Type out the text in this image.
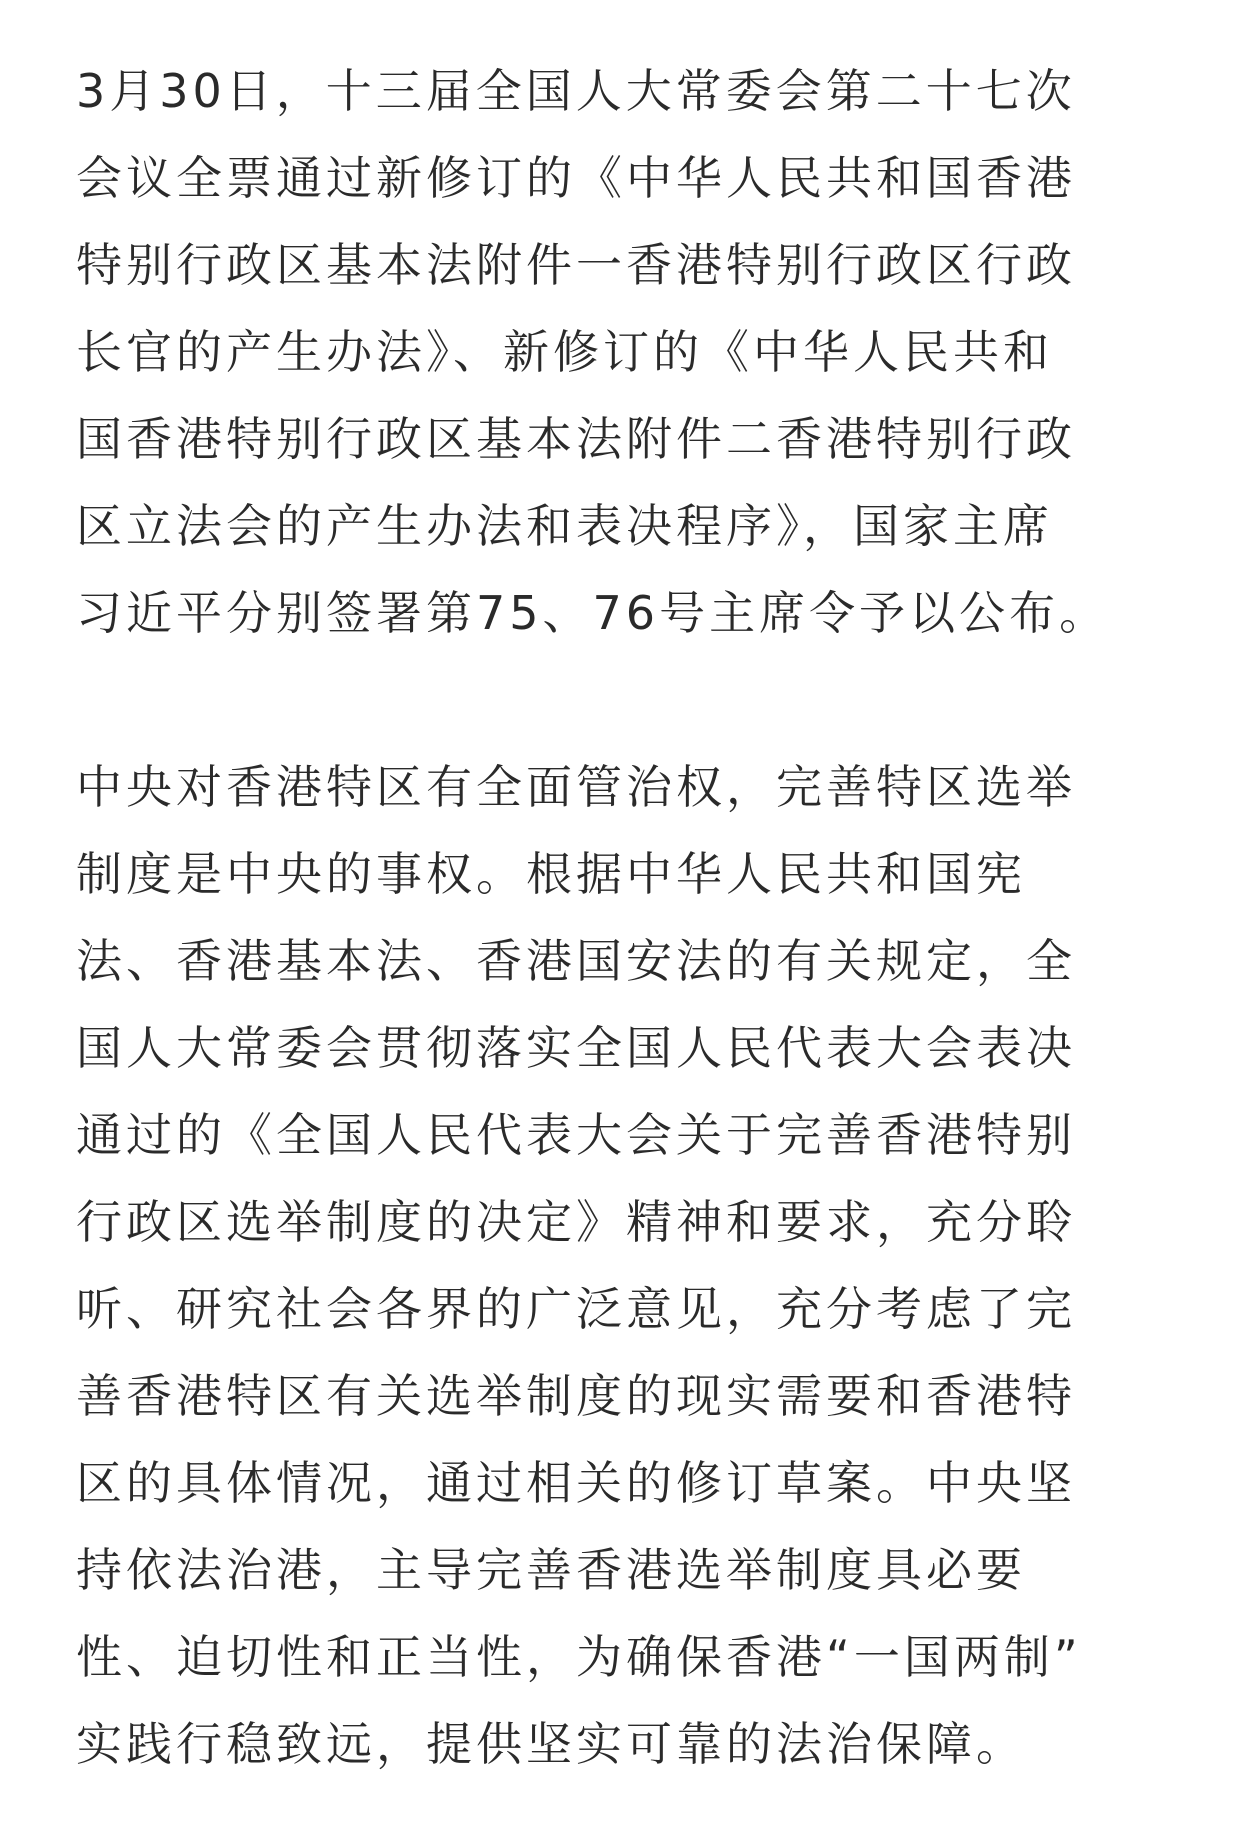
3月30日，十三届全国人大常委会第二十七次
会议全票通过新修订的《中华人民共和国香港
特别行政区基本法附件一香港特别行政区行政
长官的产生办法》、新修订的《中华人民共和
国香港特别行政区基本法附件二香港特别行政
区立法会的产生办法和表决程序》，国家主席
习近平分别签署第75、76号主席令予以公布。
中央对香港特区有全面管治权，完善特区选举
制度是中央的事权。根据中华人民共和国宪
法、香港基本法、香港国安法的有关规定，全
国人大常委会贯彻落实全国人民代表大会表决
通过的《全国人民代表大会关于完善香港特别
行政区选举制度的决定》精神和要求，充分聆
听、研究社会各界的广泛意见，充分考虑了完
善香港特区有关选举制度的现实需要和香港特
区的具体情况，通过相关的修订草案。中央坚
持依法治港，主导完善香港选举制度具必要
性、迫切性和正当性，为确保香港“一国两制”
实践行稳致远，提供坚实可靠的法治保障。
